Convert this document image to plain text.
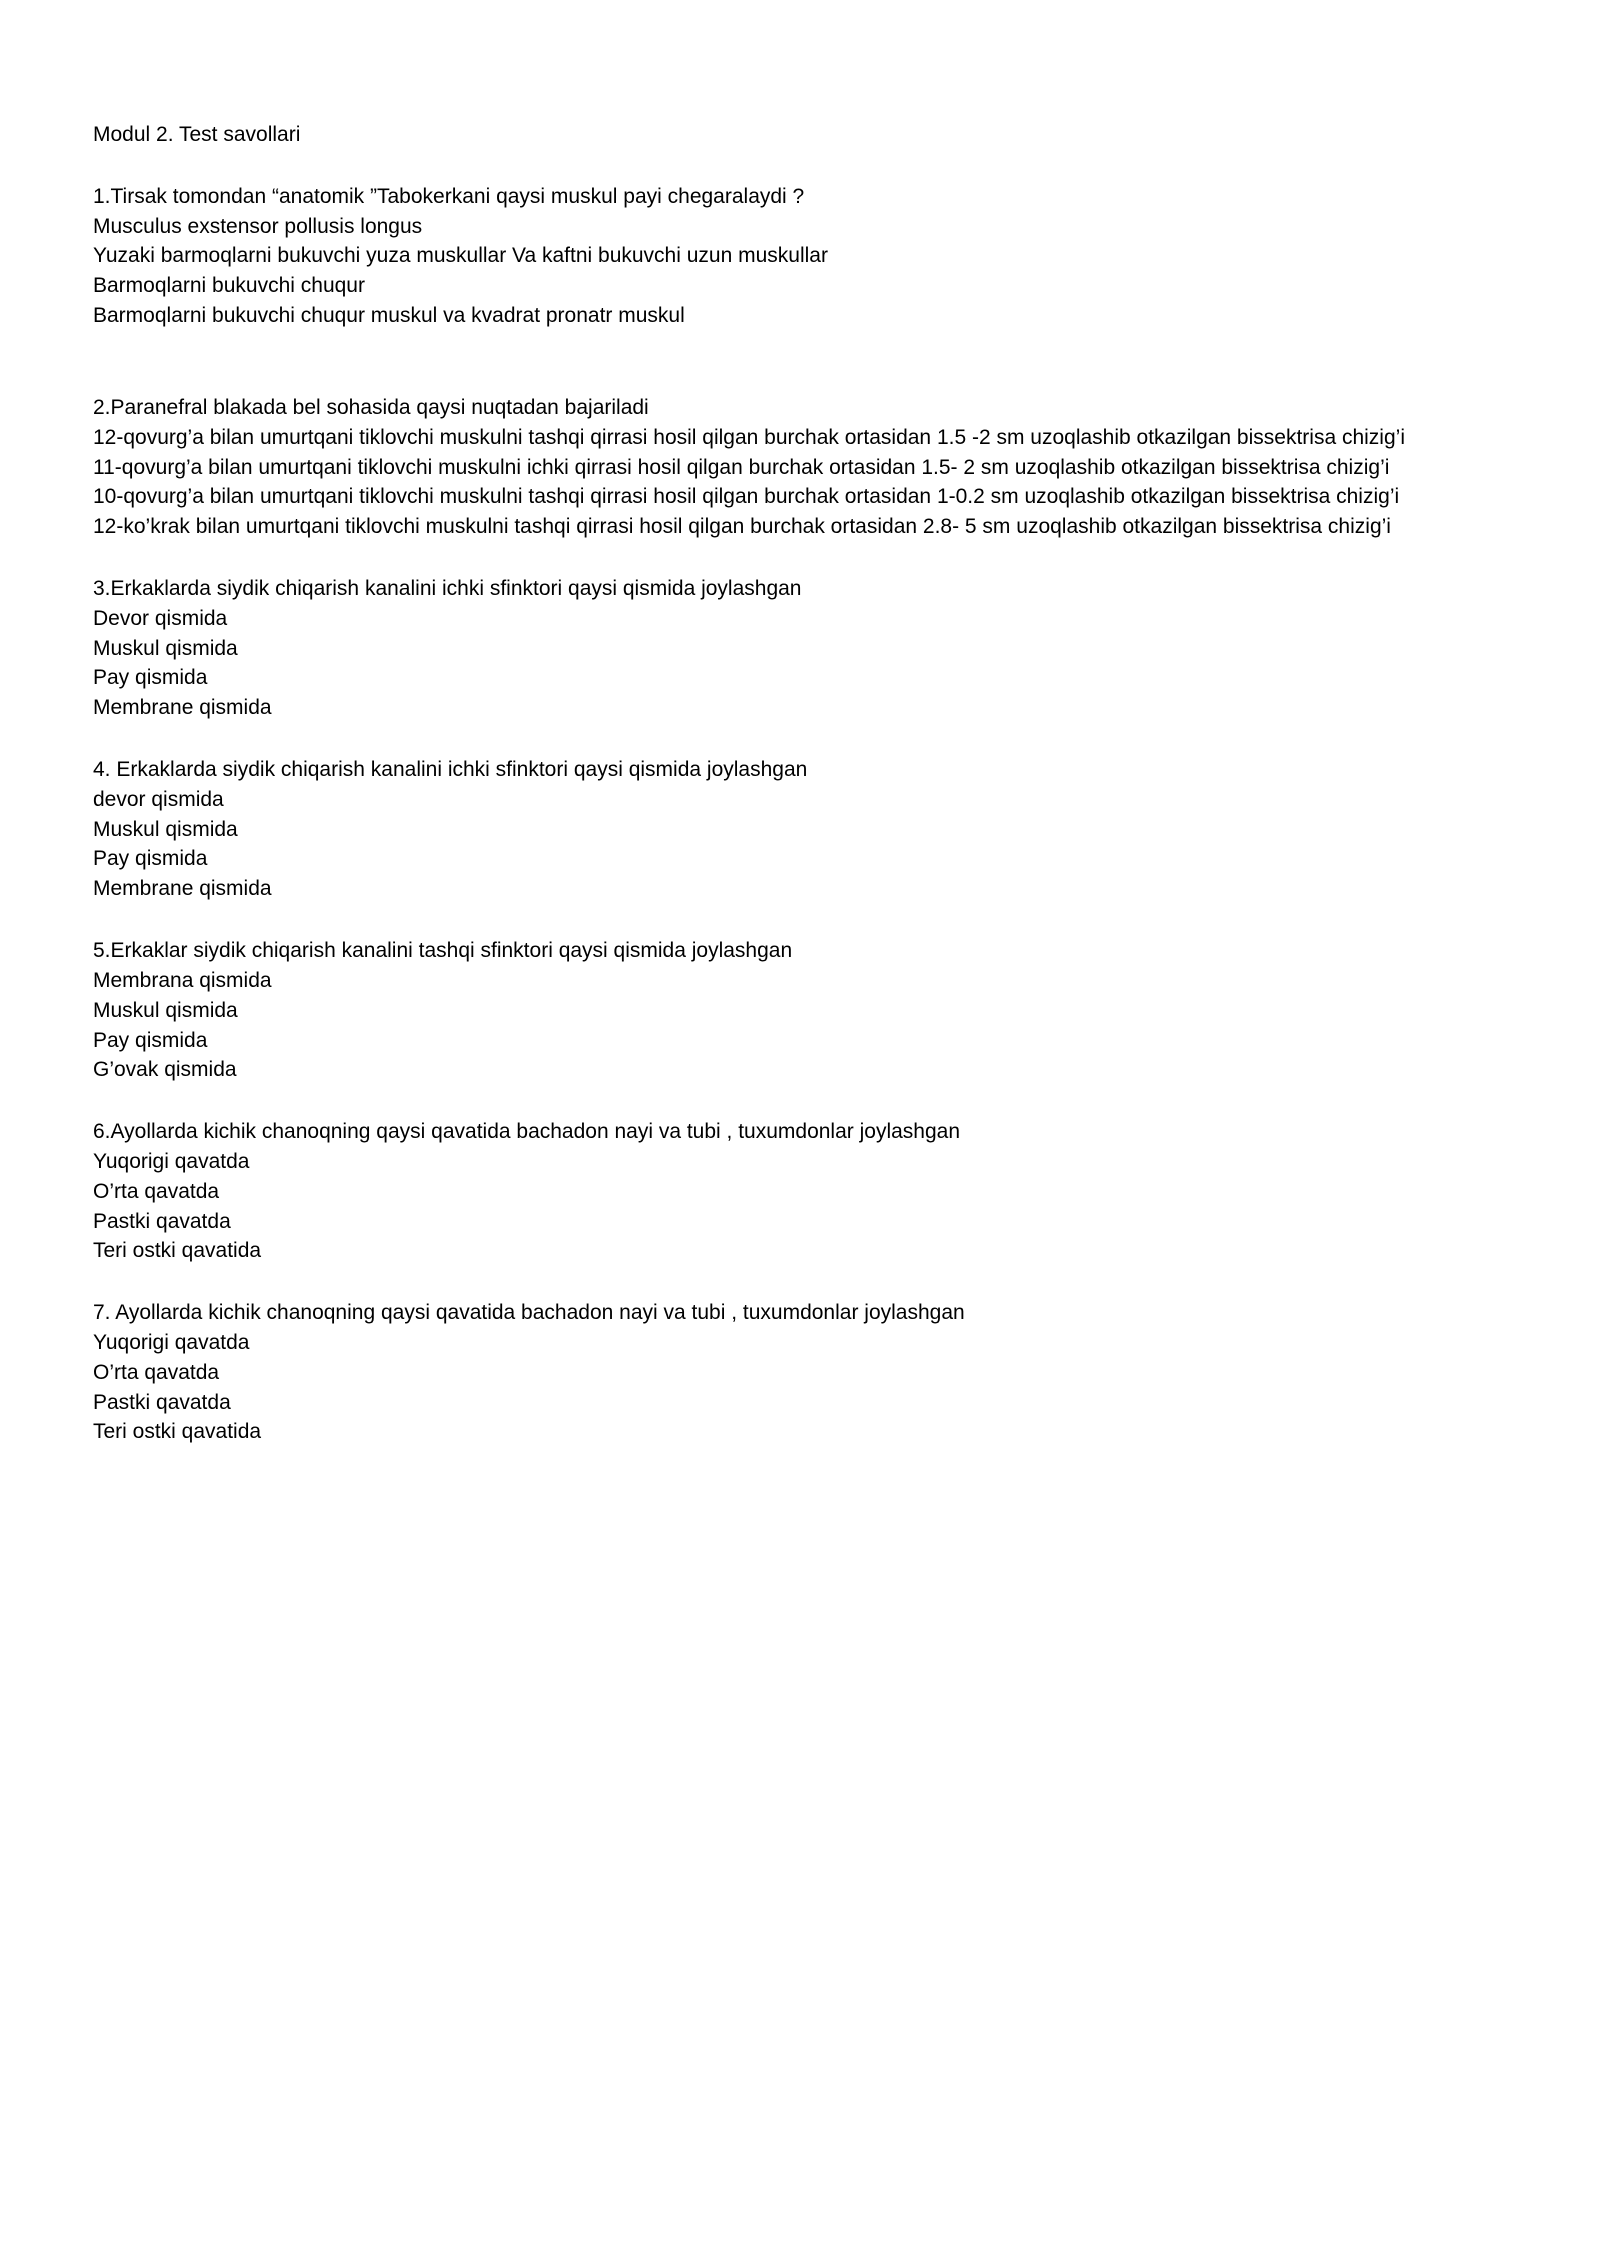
Modul 2. Test savollari

1.Tirsak tomondan “anatomik ”Tabokerkani qaysi muskul payi chegaralaydi ?

Musculus exstensor pollusis longus

Yuzaki barmoqlarni bukuvchi yuza muskullar Va kaftni bukuvchi uzun muskullar

Barmoqlarni bukuvchi chuqur

Barmoqlarni bukuvchi chuqur muskul va kvadrat pronatr muskul

2.Paranefral blakada bel sohasida qaysi nuqtadan bajariladi

12-qovurg’a bilan umurtqani tiklovchi muskulni tashqi qirrasi hosil qilgan burchak ortasidan 1.5 -2 sm uzoqlashib otkazilgan bissektrisa chizig’i

11-qovurg’a bilan umurtqani tiklovchi muskulni ichki qirrasi hosil qilgan burchak ortasidan 1.5- 2 sm uzoqlashib otkazilgan bissektrisa chizig’i

10-qovurg’a bilan umurtqani tiklovchi muskulni tashqi qirrasi hosil qilgan burchak ortasidan 1-0.2 sm uzoqlashib otkazilgan bissektrisa chizig’i

12-ko’krak bilan umurtqani tiklovchi muskulni tashqi qirrasi hosil qilgan burchak ortasidan 2.8- 5 sm uzoqlashib otkazilgan bissektrisa chizig’i

3.Erkaklarda siydik chiqarish kanalini ichki sfinktori qaysi qismida joylashgan

Devor qismida

Muskul qismida

Pay qismida

Membrane qismida

4. Erkaklarda siydik chiqarish kanalini ichki sfinktori qaysi qismida joylashgan

devor qismida

Muskul qismida

Pay qismida

Membrane qismida

5.Erkaklar siydik chiqarish kanalini tashqi sfinktori qaysi qismida joylashgan

Membrana qismida

Muskul qismida

Pay qismida

G’ovak qismida

6.Ayollarda kichik chanoqning qaysi qavatida bachadon nayi va tubi , tuxumdonlar joylashgan

Yuqorigi qavatda

O’rta qavatda

Pastki qavatda

Teri ostki qavatida

7. Ayollarda kichik chanoqning qaysi qavatida bachadon nayi va tubi , tuxumdonlar joylashgan

Yuqorigi qavatda

O’rta qavatda

Pastki qavatda

Teri ostki qavatida
